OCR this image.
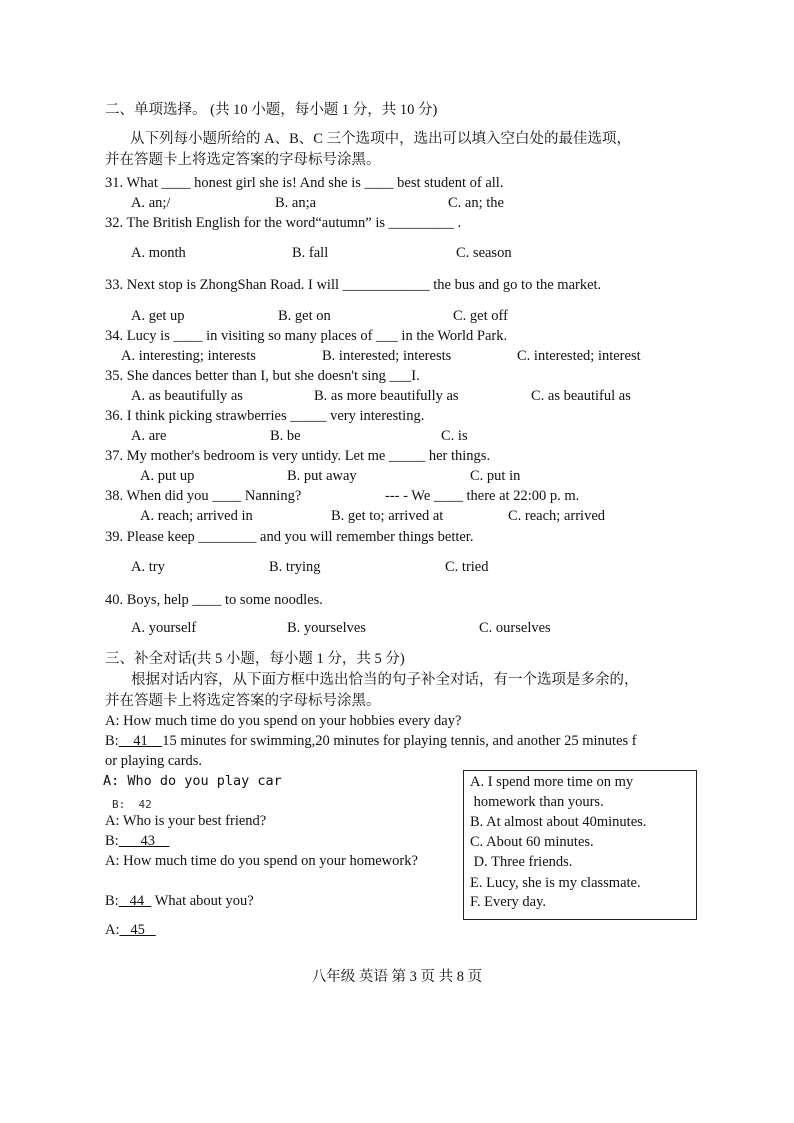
二、单项选择。 (共 10 小题，每小题 1 分，共 10 分)
从下列每小题所给的 A、B、C 三个选项中，选出可以填入空白处的最佳选项，
并在答题卡上将选定答案的字母标号涂黑。
31. What ____ honest girl she is! And she is ____ best student of all.
A. an;/	B. an;a	C. an; the
32. The British English for the word“autumn” is _________ .
A. month	B. fall	C. season
33. Next stop is ZhongShan Road. I will ____________ the bus and go to the market.
A. get up	B. get on	C. get off
34. Lucy is ____ in visiting so many places of ___ in the World Park.
A. interesting; interests	B. interested; interests	C. interested; interest
35. She dances better than I, but she doesn't sing ___I.
A. as beautifully as	B. as more beautifully as	C. as beautiful as
36. I think picking strawberries _____ very interesting.
A. are	B. be	C. is
37. My mother's bedroom is very untidy. Let me _____ her things.
A. put up	B. put away	C. put in
38. When did you ____ Nanning?	--- - We ____ there at 22:00 p. m.
A. reach; arrived in	B. get to; arrived at	C. reach; arrived
39. Please keep ________ and you will remember things better.
A. try	B. trying	C. tried
40. Boys, help ____ to some noodles.
A. yourself	B. yourselves	C. ourselves
三、补全对话(共 5 小题，每小题 1 分，共 5 分)
根据对话内容，从下面方框中选出恰当的句子补全对话，有一个选项是多余的，
并在答题卡上将选定答案的字母标号涂黑。
A: How much time do you spend on your hobbies every day?
B:    41    15 minutes for swimming,20 minutes for playing tennis, and another 25 minutes f
or playing cards.
A: Who do you play car
B:  42
A: Who is your best friend?
B:      43
A: How much time do you spend on your homework?
B:   44   What about you?
A:   45
A. I spend more time on my
homework than yours.
B. At almost about 40minutes.
C. About 60 minutes.
D. Three friends.
E. Lucy, she is my classmate.
F. Every day.
八年级 英语 第 3 页 共 8 页
